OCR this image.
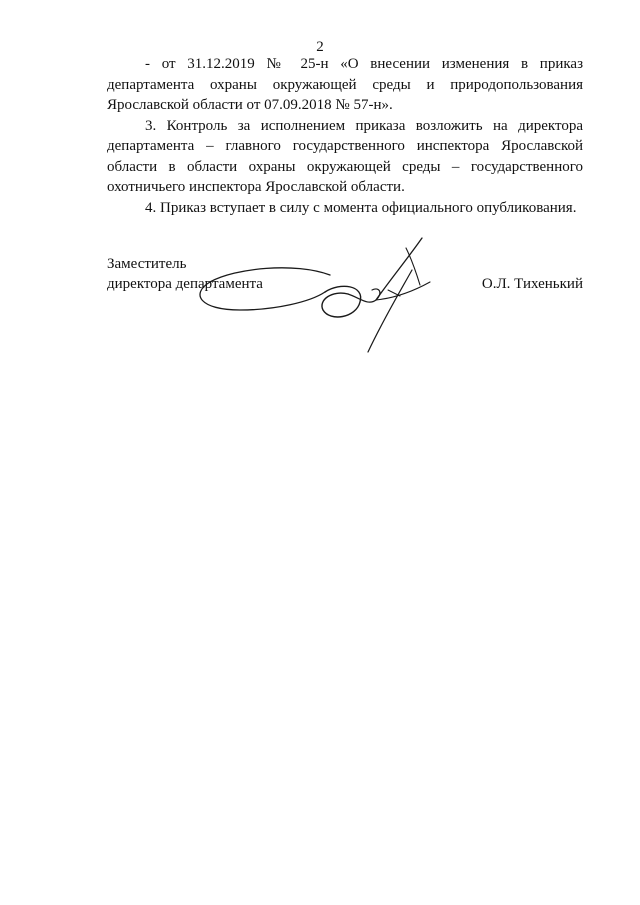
2

- от 31.12.2019 № 25-н «О внесении изменения в приказ департамента охраны окружающей среды и природопользования Ярославской области от 07.09.2018 № 57-н».

3. Контроль за исполнением приказа возложить на директора департамента – главного государственного инспектора Ярославской области в области охраны окружающей среды – государственного охотничьего инспектора Ярославской области.

4. Приказ вступает в силу с момента официального опубликования.

Заместитель
директора департамента	О.Л. Тихенький
